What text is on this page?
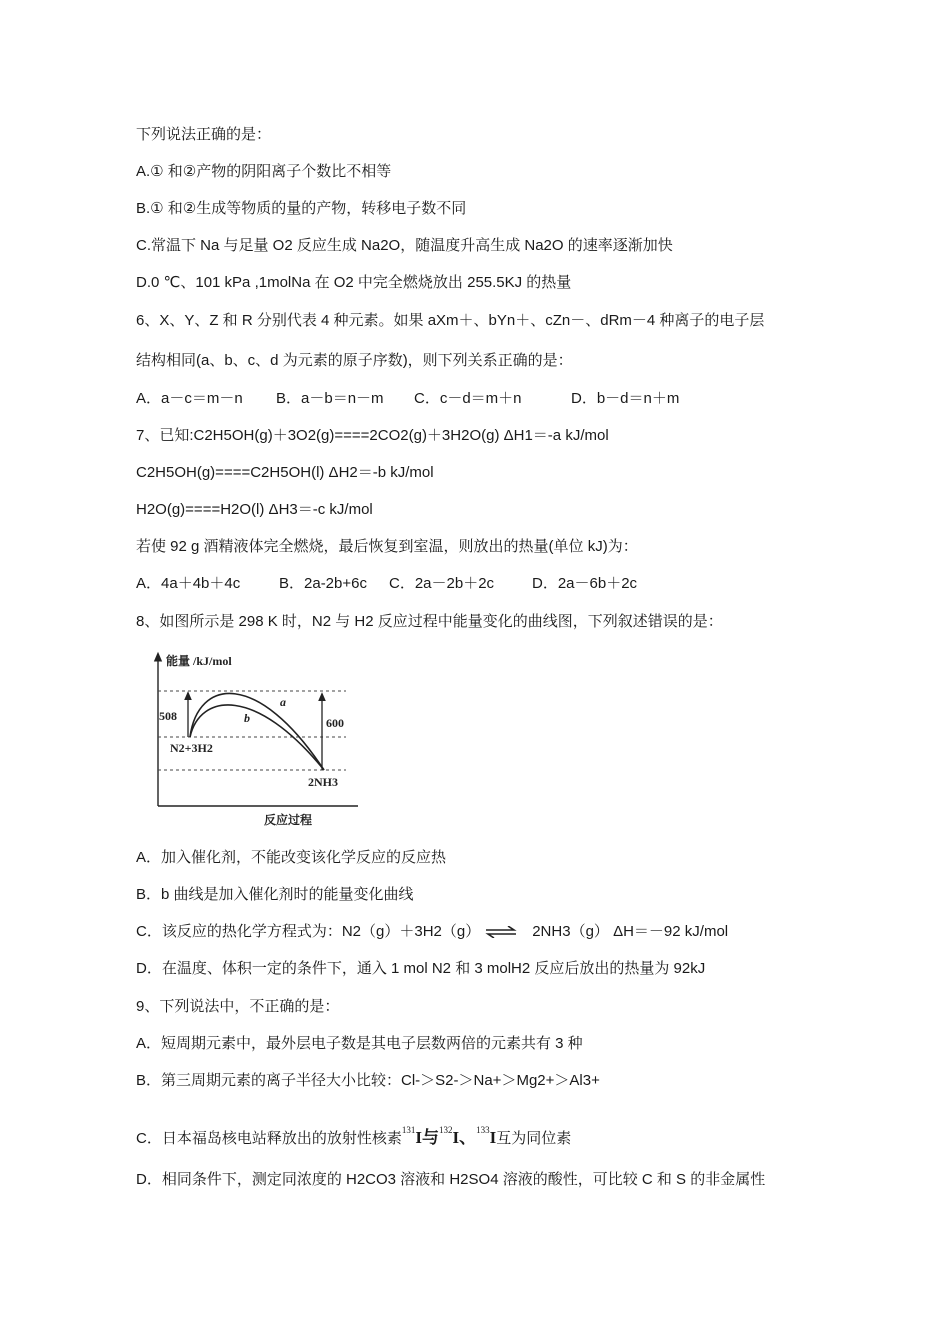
下列说法正确的是：
A.① 和②产物的阴阳离子个数比不相等
B.① 和②生成等物质的量的产物，转移电子数不同
C.常温下 Na 与足量 O2 反应生成 Na2O，随温度升高生成 Na2O 的速率逐渐加快
D.0 ℃、101 kPa ,1molNa 在 O2 中完全燃烧放出 255.5KJ 的热量
6、X、Y、Z 和 R 分别代表 4 种元素。如果 aXm＋、bYn＋、cZn－、dRm－4 种离子的电子层
结构相同(a、b、c、d 为元素的原子序数)，则下列关系正确的是：
A．a－c＝m－n B．a－b＝n－m C．c－d＝m＋n	D．b－d＝n＋m
7、已知:C2H5OH(g)＋3O2(g)====2CO2(g)＋3H2O(g) ΔH1＝-a kJ/mol
C2H5OH(g)====C2H5OH(l) ΔH2＝-b kJ/mol
H2O(g)====H2O(l) ΔH3＝-c kJ/mol
若使 92 g 酒精液体完全燃烧，最后恢复到室温，则放出的热量(单位 kJ)为：
A．4a＋4b＋4c	B．2a-2b+6c C．2a－2b＋2c	D．2a－6b＋2c
8、如图所示是 298 K 时，N2 与 H2 反应过程中能量变化的曲线图，下列叙述错误的是：
能量 /kJ/mol
反应过程
508	600
a
b
N2+3H2
2NH3
A．加入催化剂，不能改变该化学反应的反应热
B．b 曲线是加入催化剂时的能量变化曲线
C．该反应的热化学方程式为：N2（g）＋3H2（g） ⇌ 2NH3（g） ΔH＝－92 kJ/mol
D．在温度、体积一定的条件下，通入 1 mol N2 和 3 molH2 反应后放出的热量为 92kJ
9、下列说法中，不正确的是：
A．短周期元素中，最外层电子数是其电子层数两倍的元素共有 3 种
B．第三周期元素的离子半径大小比较：Cl-＞S2-＞Na+＞Mg2+＞Al3+
C．日本福岛核电站释放出的放射性核素$^{131}$I与$^{132}$I、$^{133}$I互为同位素
D．相同条件下，测定同浓度的 H2CO3 溶液和 H2SO4 溶液的酸性，可比较 C 和 S 的非金属性
